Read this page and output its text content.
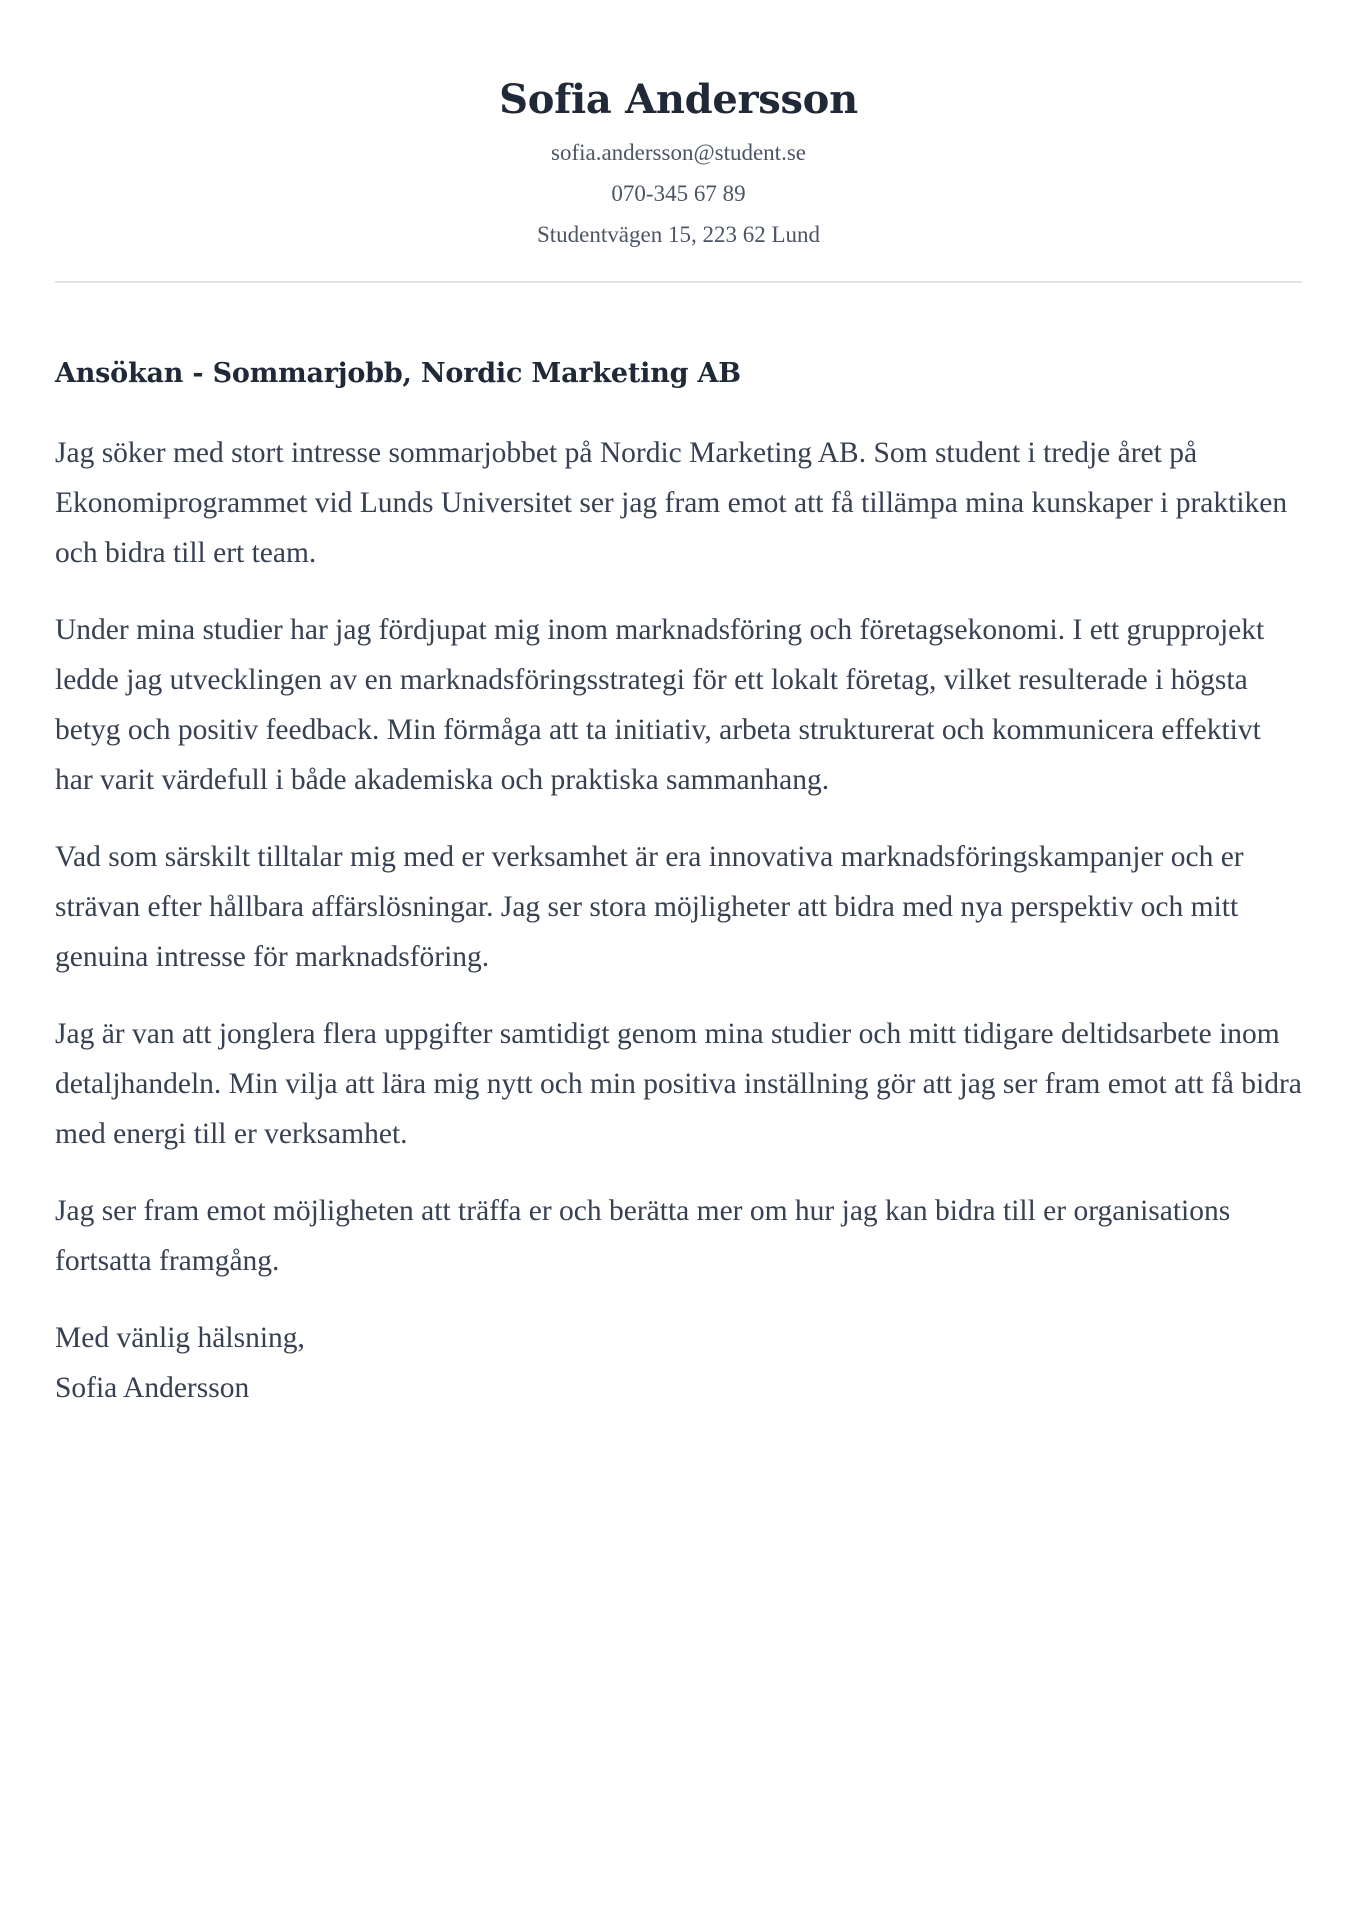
Sofia Andersson

sofia.andersson@student.se

070-345 67 89

Studentvägen 15, 223 62 Lund

Ansökan - Sommarjobb, Nordic Marketing AB

Jag söker med stort intresse sommarjobbet på Nordic Marketing AB. Som student i tredje året på Ekonomiprogrammet vid Lunds Universitet ser jag fram emot att få tillämpa mina kunskaper i praktiken och bidra till ert team.

Under mina studier har jag fördjupat mig inom marknadsföring och företagsekonomi. I ett grupprojekt ledde jag utvecklingen av en marknadsföringsstrategi för ett lokalt företag, vilket resulterade i högsta betyg och positiv feedback. Min förmåga att ta initiativ, arbeta strukturerat och kommunicera effektivt har varit värdefull i både akademiska och praktiska sammanhang.

Vad som särskilt tilltalar mig med er verksamhet är era innovativa marknadsföringskampanjer och er strävan efter hållbara affärslösningar. Jag ser stora möjligheter att bidra med nya perspektiv och mitt genuina intresse för marknadsföring.

Jag är van att jonglera flera uppgifter samtidigt genom mina studier och mitt tidigare deltidsarbete inom detaljhandeln. Min vilja att lära mig nytt och min positiva inställning gör att jag ser fram emot att få bidra med energi till er verksamhet.

Jag ser fram emot möjligheten att träffa er och berätta mer om hur jag kan bidra till er organisations fortsatta framgång.

Med vänlig hälsning,

Sofia Andersson
